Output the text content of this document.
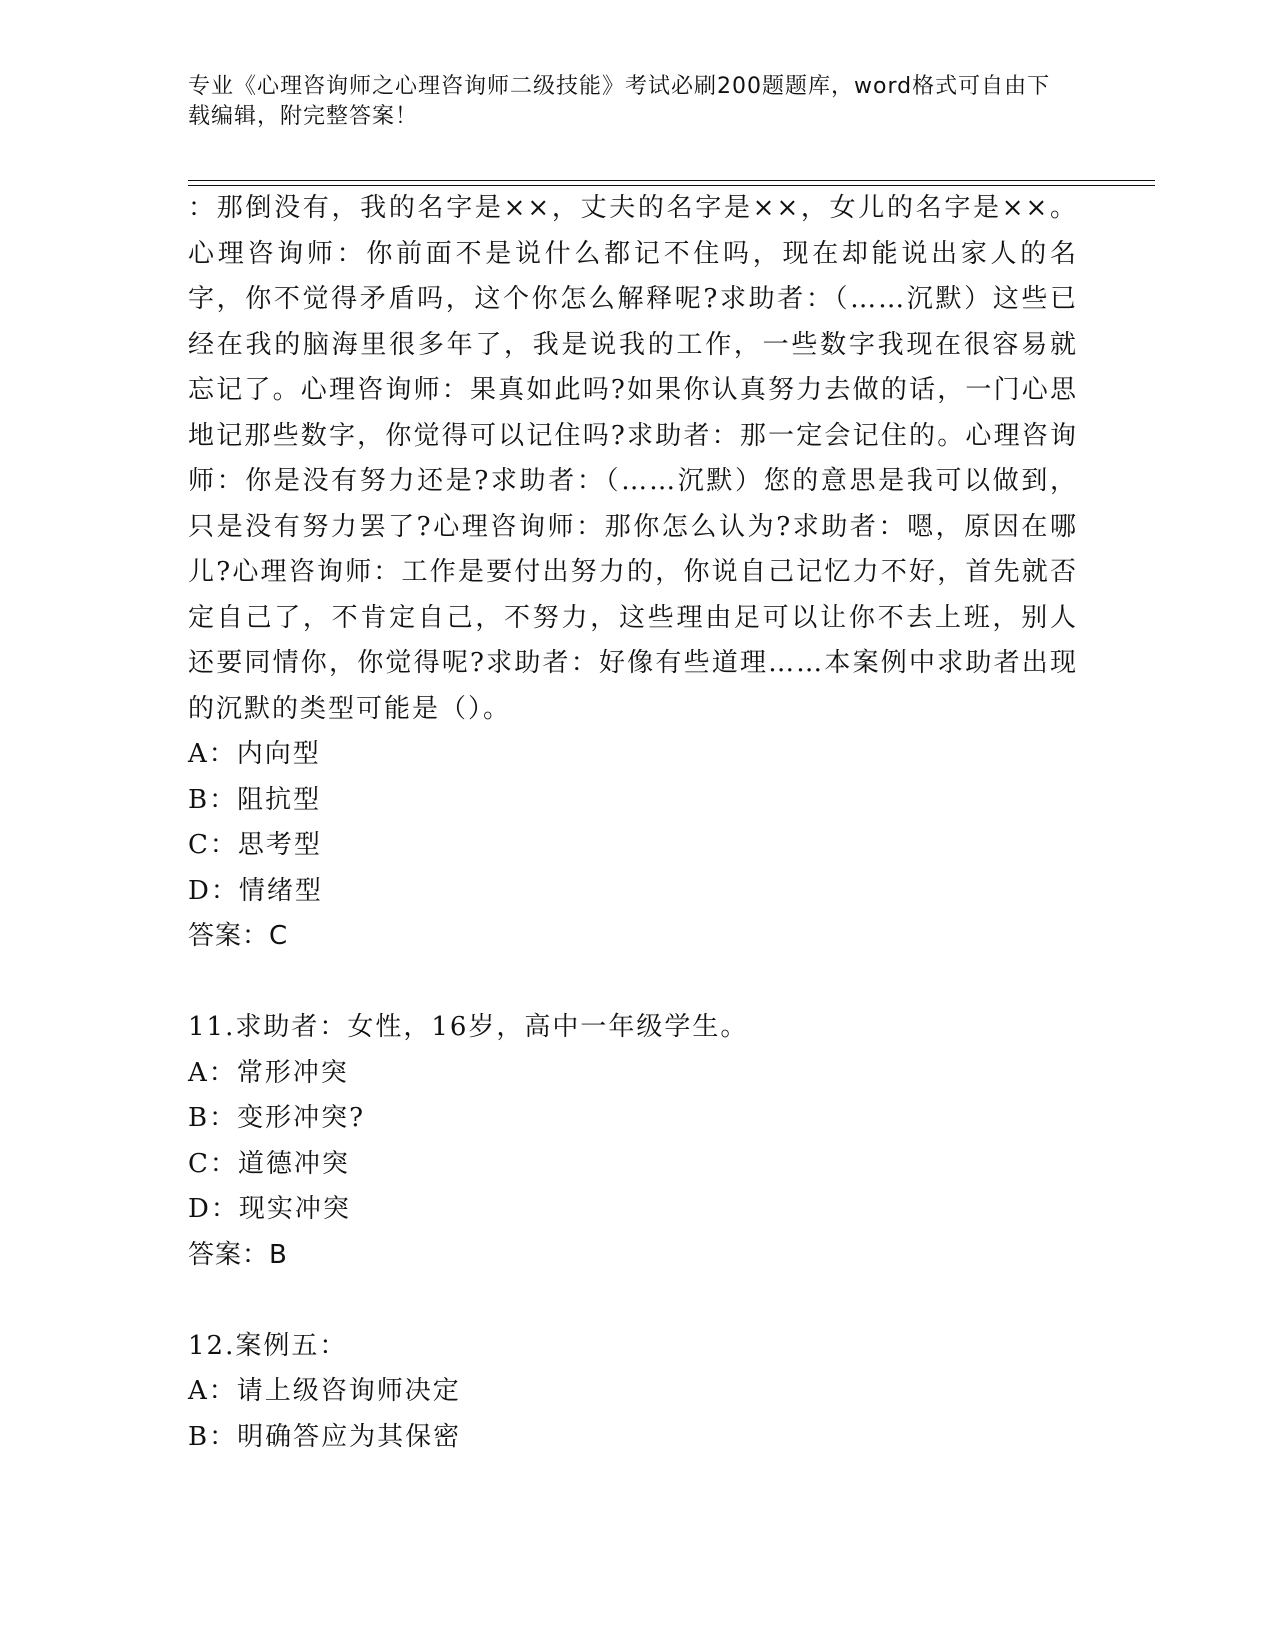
专业《心理咨询师之心理咨询师二级技能》考试必刷200题题库，word格式可自由下载编辑，附完整答案！

：那倒没有，我的名字是××，丈夫的名字是××，女儿的名字是××。心理咨询师：你前面不是说什么都记不住吗，现在却能说出家人的名字，你不觉得矛盾吗，这个你怎么解释呢?求助者：（……沉默）这些已经在我的脑海里很多年了，我是说我的工作，一些数字我现在很容易就忘记了。心理咨询师：果真如此吗?如果你认真努力去做的话，一门心思地记那些数字，你觉得可以记住吗?求助者：那一定会记住的。心理咨询师：你是没有努力还是?求助者：（……沉默）您的意思是我可以做到，只是没有努力罢了?心理咨询师：那你怎么认为?求助者：嗯，原因在哪儿?心理咨询师：工作是要付出努力的，你说自己记忆力不好，首先就否定自己了，不肯定自己，不努力，这些理由足可以让你不去上班，别人还要同情你，你觉得呢?求助者：好像有些道理……本案例中求助者出现的沉默的类型可能是（）。

A：内向型

B：阻抗型

C：思考型

D：情绪型

答案：C

11.求助者：女性，16岁，高中一年级学生。

A：常形冲突

B：变形冲突?

C：道德冲突

D：现实冲突

答案：B

12.案例五：

A：请上级咨询师决定

B：明确答应为其保密
